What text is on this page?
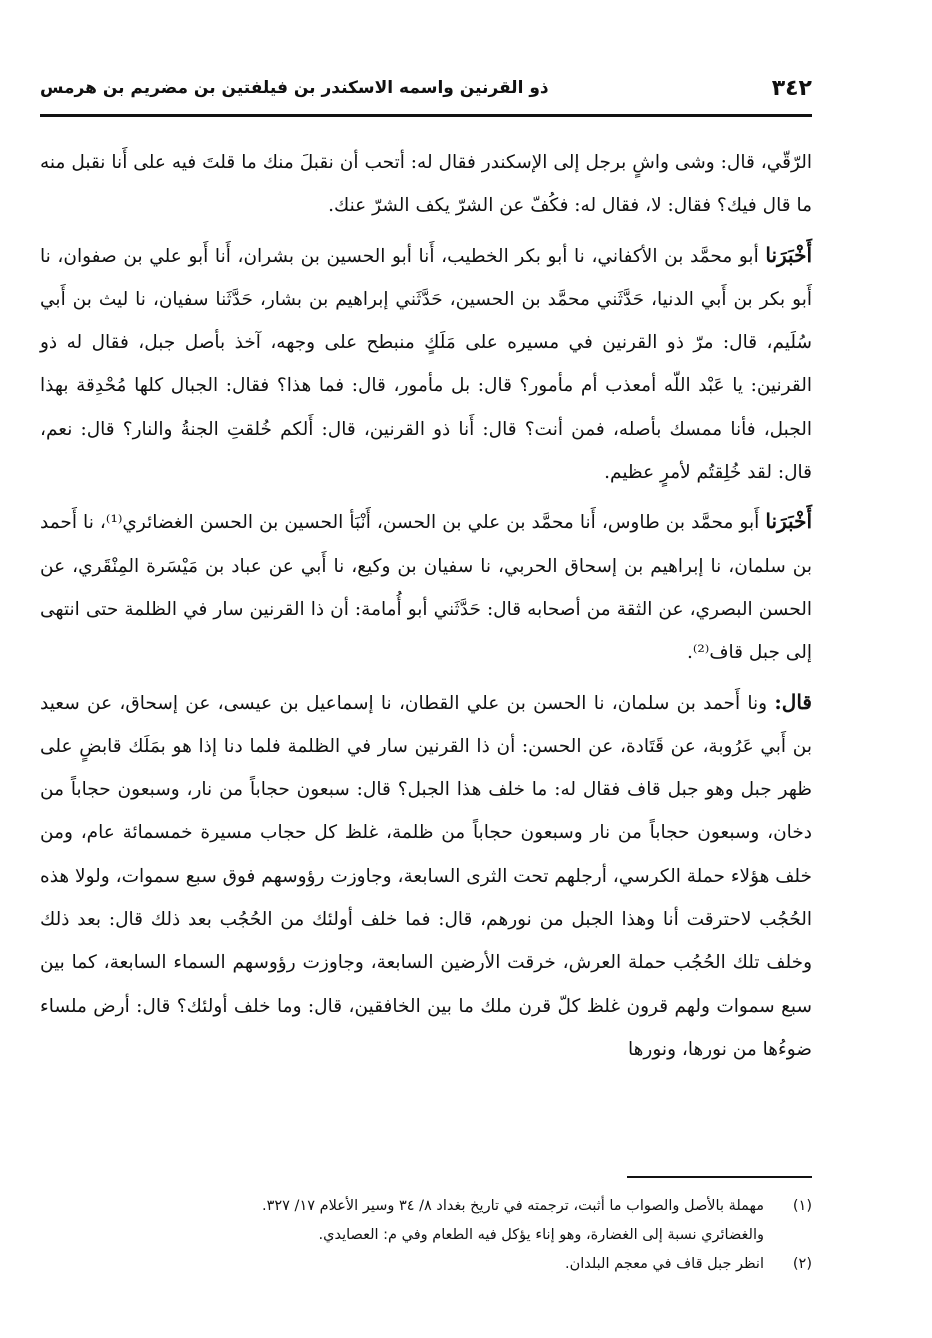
٣٤٢
ذو القرنين واسمه الاسكندر بن فيلفتين بن مضريم بن هرمس

الرّقّي، قال: وشى واشٍ برجل إلى الإسكندر فقال له: أتحب أن نقبلَ منك ما قلتَ فيه على أَنا نقبل منه ما قال فيك؟ فقال: لا، فقال له: فكُفّ عن الشرّ يكف الشرّ عنك.

أَخْبَرَنا أبو محمَّد بن الأكفاني، نا أبو بكر الخطيب، أَنا أبو الحسين بن بشران، أَنا أَبو علي بن صفوان، نا أَبو بكر بن أَبي الدنيا، حَدَّثَني محمَّد بن الحسين، حَدَّثَني إبراهيم بن بشار، حَدَّثَنا سفيان، نا ليث بن أَبي سُلَيم، قال: مرّ ذو القرنين في مسيره على مَلَكٍ منبطح على وجهه، آخذ بأصل جبل، فقال له ذو القرنين: يا عَبْد اللّه أمعذب أم مأمور؟ قال: بل مأمور، قال: فما هذا؟ فقال: الجبال كلها مُحْدِقة بهذا الجبل، فأنا ممسك بأصله، فمن أنت؟ قال: أَنا ذو القرنين، قال: أَلكم خُلقتِ الجنةُ والنار؟ قال: نعم، قال: لقد خُلِقتُم لأمرٍ عظيم.

أَخْبَرَنا أَبو محمَّد بن طاوس، أَنا محمَّد بن علي بن الحسن، أَنْبَأ الحسين بن الحسن الغضائري⁽¹⁾، نا أَحمد بن سلمان، نا إبراهيم بن إسحاق الحربي، نا سفيان بن وكيع، نا أَبي عن عباد بن مَيْسَرة المِنْقَري، عن الحسن البصري، عن الثقة من أصحابه قال: حَدَّثَني أبو أُمامة: أن ذا القرنين سار في الظلمة حتى انتهى إلى جبل قاف⁽²⁾.

قال: ونا أَحمد بن سلمان، نا الحسن بن علي القطان، نا إسماعيل بن عيسى، عن إسحاق، عن سعيد بن أَبي عَرُوبة، عن قَتَادة، عن الحسن: أن ذا القرنين سار في الظلمة فلما دنا إذا هو بمَلَك قابضٍ على ظهر جبل وهو جبل قاف فقال له: ما خلف هذا الجبل؟ قال: سبعون حجاباً من نار، وسبعون حجاباً من دخان، وسبعون حجاباً من نار وسبعون حجاباً من ظلمة، غلظ كل حجاب مسيرة خمسمائة عام، ومن خلف هؤلاء حملة الكرسي، أرجلهم تحت الثرى السابعة، وجاوزت رؤوسهم فوق سبع سموات، ولولا هذه الحُجُب لاحترقت أنا وهذا الجبل من نورهم، قال: فما خلف أولئك من الحُجُب بعد ذلك قال: بعد ذلك وخلف تلك الحُجُب حملة العرش، خرقت الأرضين السابعة، وجاوزت رؤوسهم السماء السابعة، كما بين سبع سموات ولهم قرون غلظ كلّ قرن ملك ما بين الخافقين، قال: وما خلف أولئك؟ قال: أرض ملساء ضوءُها من نورها، ونورها

(١)
مهملة بالأصل والصواب ما أثبت، ترجمته في تاريخ بغداد ٨/ ٣٤ وسير الأعلام ١٧/ ٣٢٧.
والغضائري نسبة إلى الغضارة، وهو إناء يؤكل فيه الطعام وفي م: العصايدي.
(٢)
انظر جبل قاف في معجم البلدان.
